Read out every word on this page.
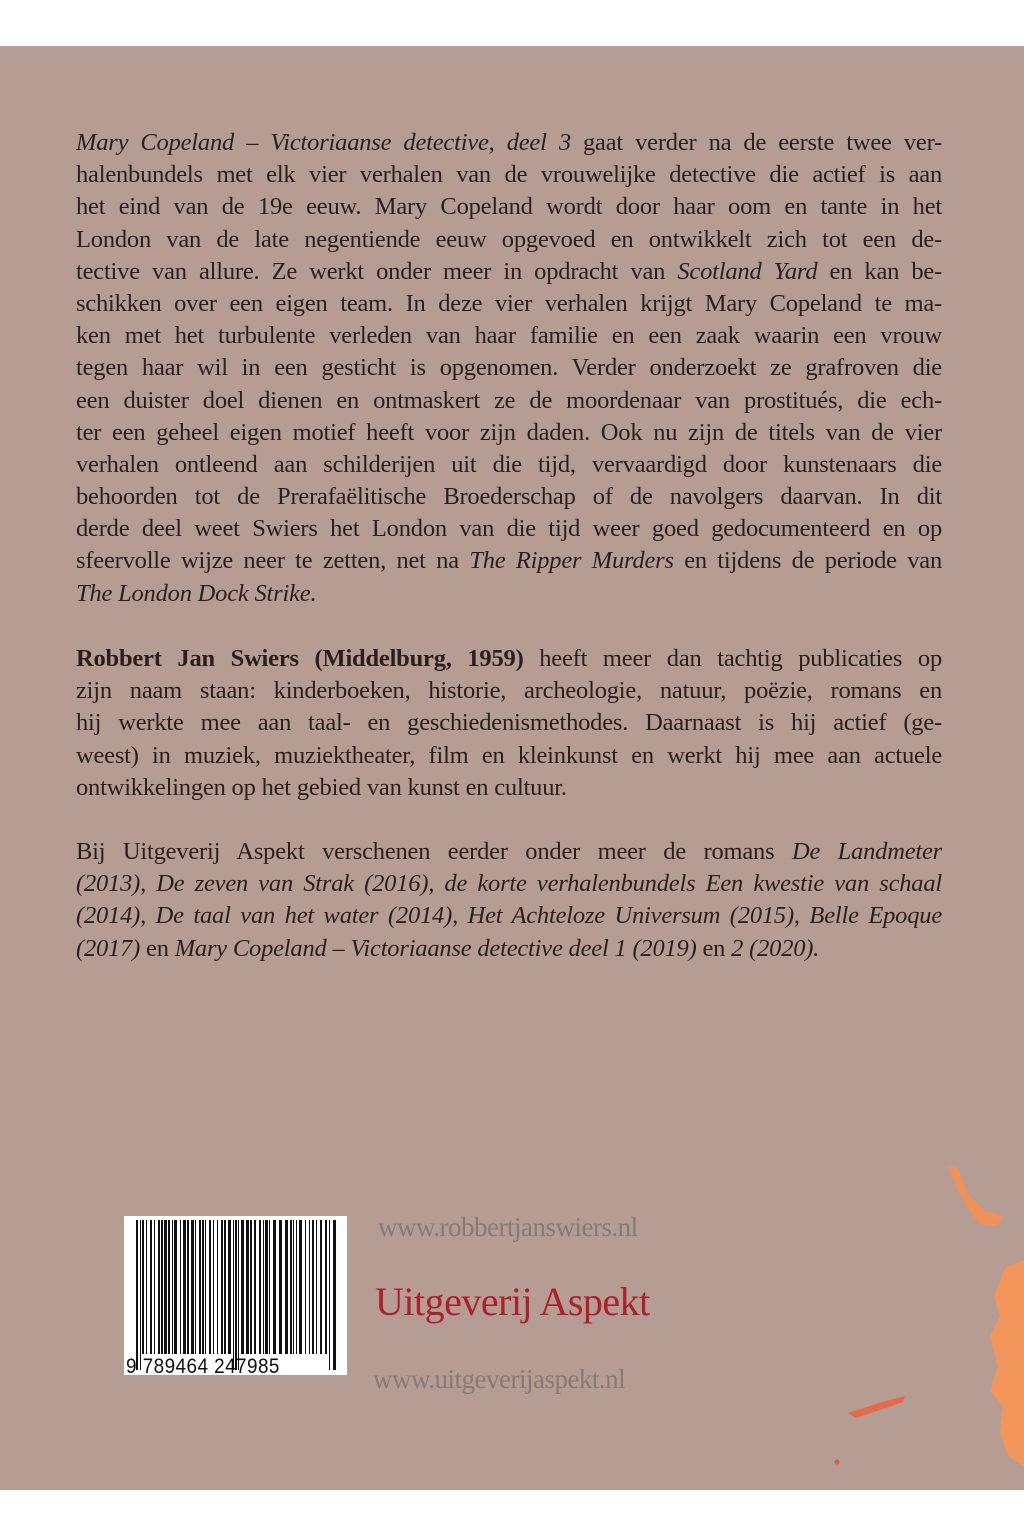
Mary Copeland – Victoriaanse detective, deel 3 gaat verder na de eerste twee ver-
halenbundels met elk vier verhalen van de vrouwelijke detective die actief is aan
het eind van de 19e eeuw. Mary Copeland wordt door haar oom en tante in het
London van de late negentiende eeuw opgevoed en ontwikkelt zich tot een de-
tective van allure. Ze werkt onder meer in opdracht van Scotland Yard en kan be-
schikken over een eigen team. In deze vier verhalen krijgt Mary Copeland te ma-
ken met het turbulente verleden van haar familie en een zaak waarin een vrouw
tegen haar wil in een gesticht is opgenomen. Verder onderzoekt ze grafroven die
een duister doel dienen en ontmaskert ze de moordenaar van prostitués, die ech-
ter een geheel eigen motief heeft voor zijn daden. Ook nu zijn de titels van de vier
verhalen ontleend aan schilderijen uit die tijd, vervaardigd door kunstenaars die
behoorden tot de Prerafaëlitische Broederschap of de navolgers daarvan. In dit
derde deel weet Swiers het London van die tijd weer goed gedocumenteerd en op
sfeervolle wijze neer te zetten, net na The Ripper Murders en tijdens de periode van
The London Dock Strike.
Robbert Jan Swiers (Middelburg, 1959) heeft meer dan tachtig publicaties op
zijn naam staan: kinderboeken, historie, archeologie, natuur, poëzie, romans en
hij werkte mee aan taal- en geschiedenismethodes. Daarnaast is hij actief (ge-
weest) in muziek, muziektheater, film en kleinkunst en werkt hij mee aan actuele
ontwikkelingen op het gebied van kunst en cultuur.
Bij Uitgeverij Aspekt verschenen eerder onder meer de romans De Landmeter
(2013), De zeven van Strak (2016), de korte verhalenbundels Een kwestie van schaal
(2014), De taal van het water (2014), Het Achteloze Universum (2015), Belle Epoque
(2017) en Mary Copeland – Victoriaanse detective deel 1 (2019) en 2 (2020).
9 789464 247985
www.robbertjanswiers.nl
Uitgeverij Aspekt
www.uitgeverijaspekt.nl
